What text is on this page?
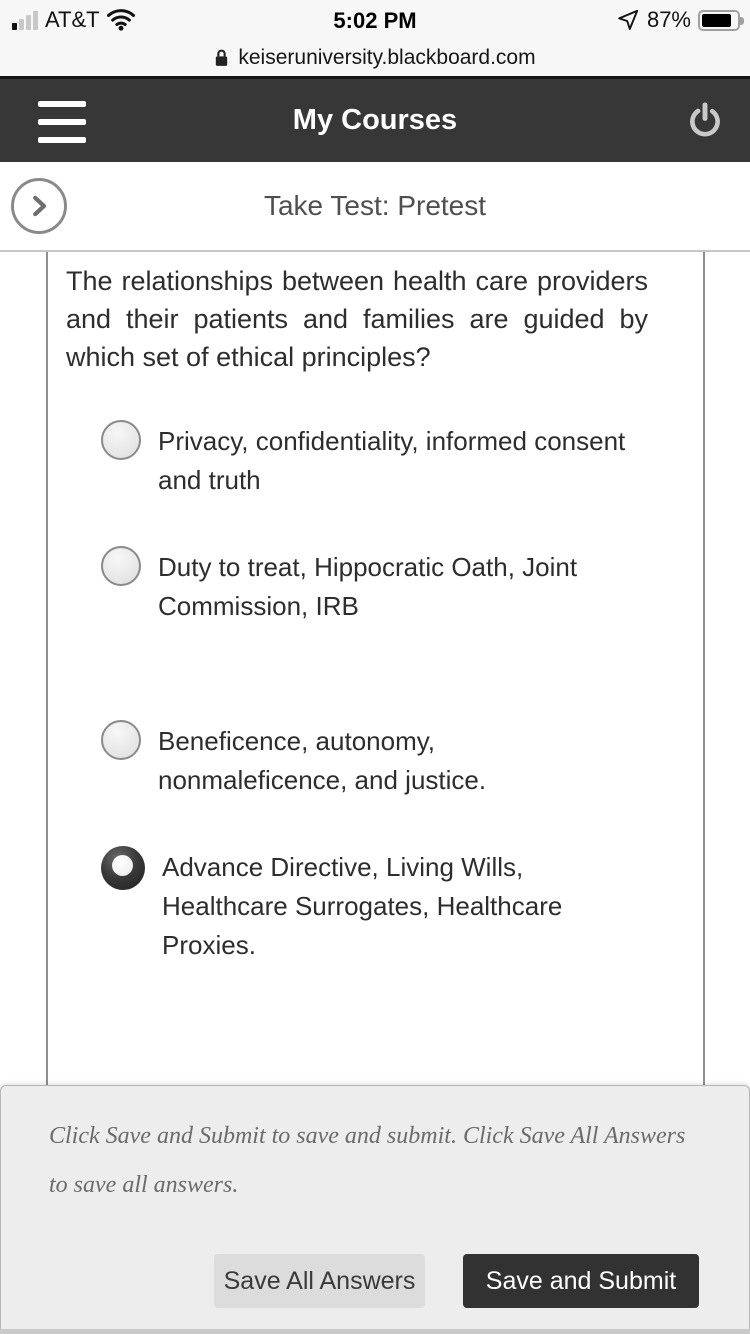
AT&T	5:02 PM	87%
keiseruniversity.blackboard.com
My Courses
Take Test: Pretest
The relationships between health care providers and their patients and families are guided by which set of ethical principles?
Privacy, confidentiality, informed consent and truth
Duty to treat, Hippocratic Oath, Joint Commission, IRB
Beneficence, autonomy, nonmaleficence, and justice.
Advance Directive, Living Wills, Healthcare Surrogates, Healthcare Proxies.
Click Save and Submit to save and submit. Click Save All Answers to save all answers.
Save All Answers	Save and Submit
